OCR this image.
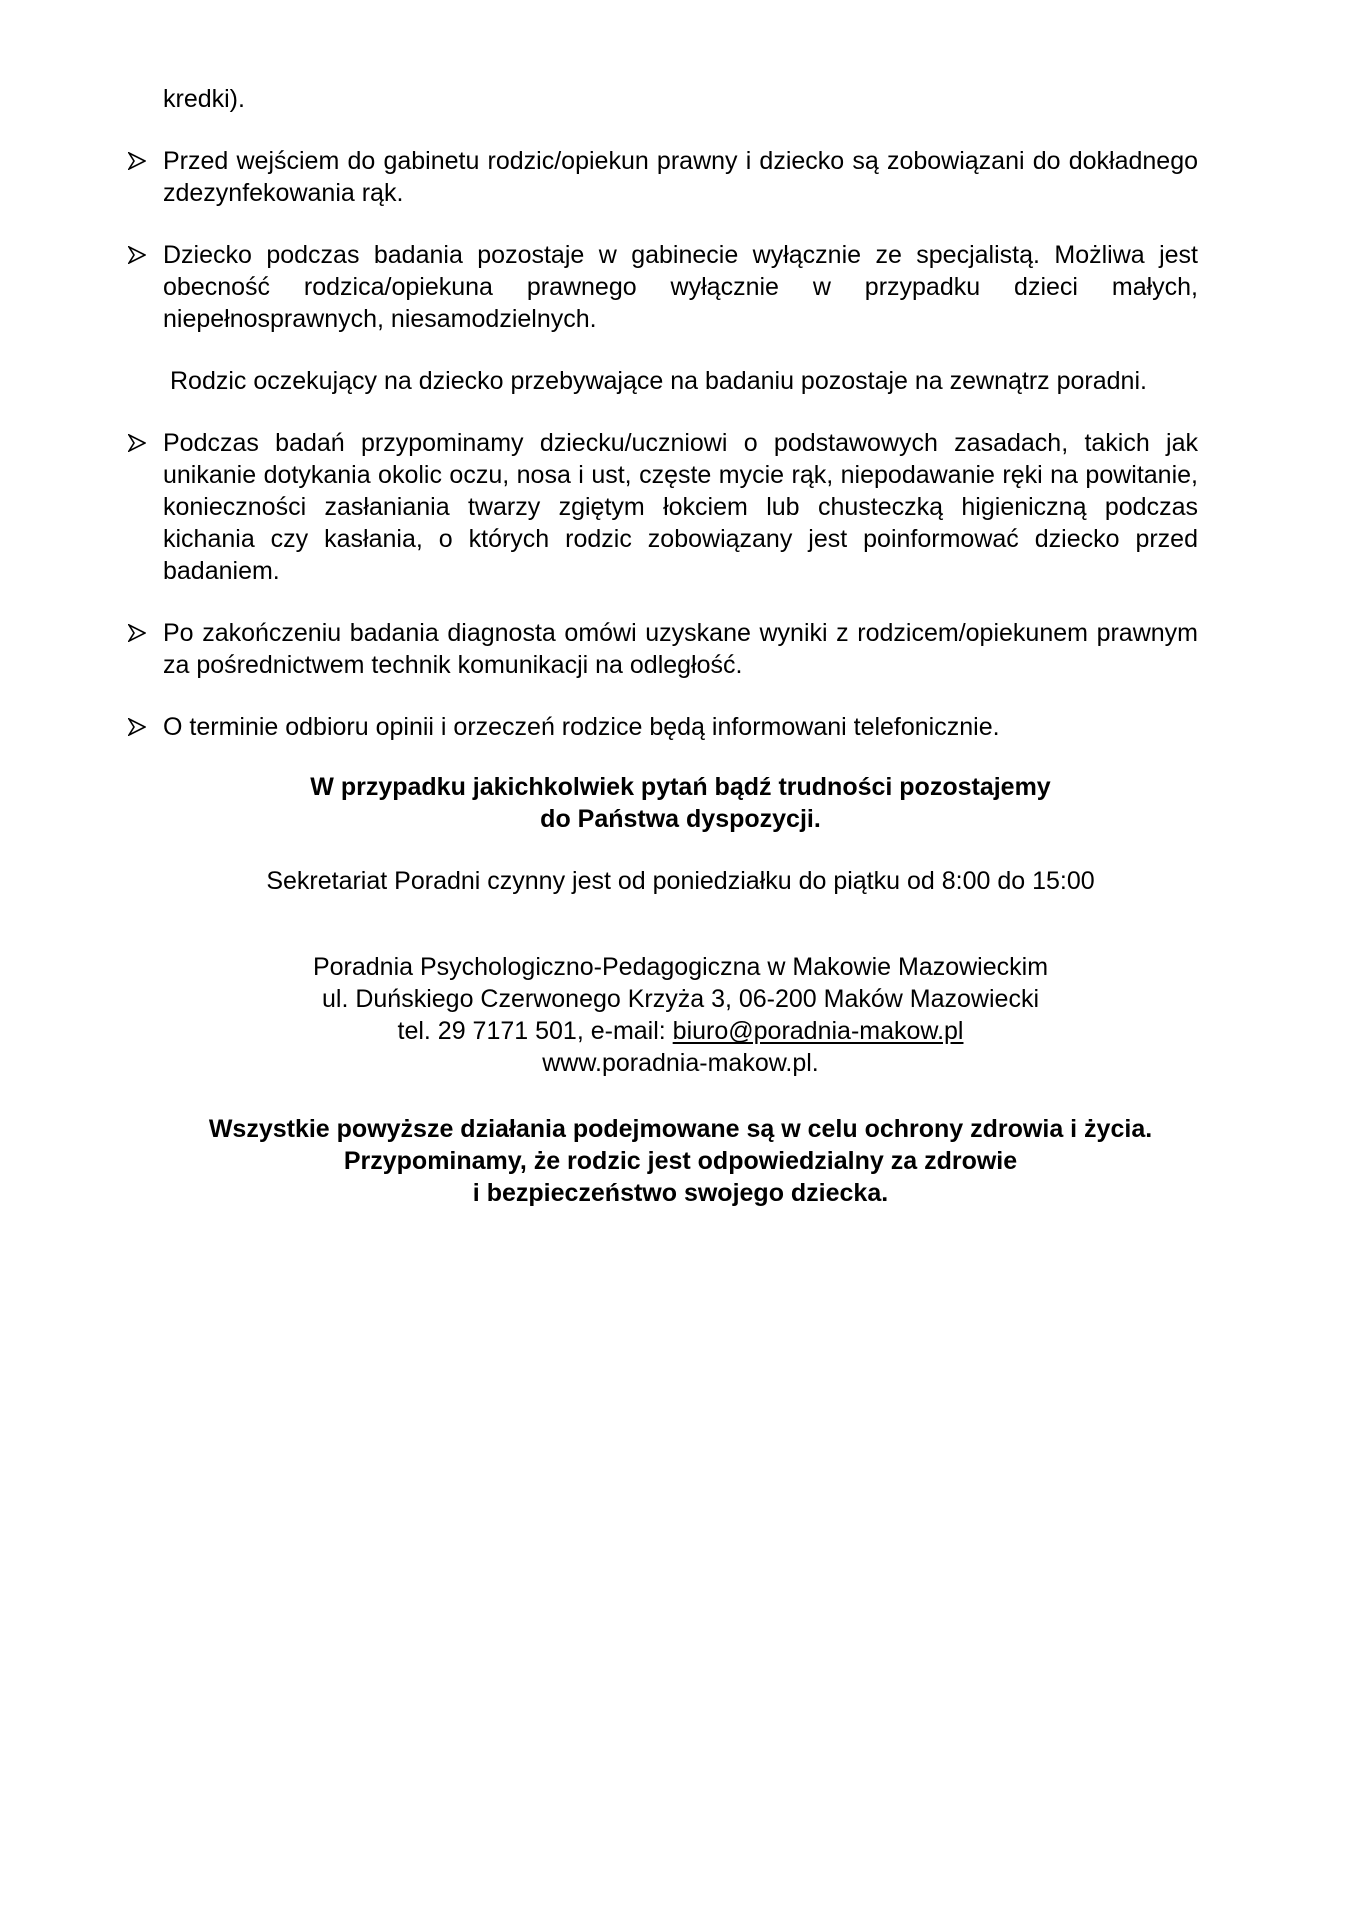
kredki).

Przed wejściem do gabinetu rodzic/opiekun prawny i dziecko są zobowiązani do dokładnego zdezynfekowania rąk.

Dziecko podczas badania pozostaje w gabinecie wyłącznie ze specjalistą. Możliwa jest obecność rodzica/opiekuna prawnego wyłącznie w przypadku dzieci małych, niepełnosprawnych, niesamodzielnych.

Rodzic oczekujący na dziecko przebywające na badaniu pozostaje na zewnątrz poradni.

Podczas badań przypominamy dziecku/uczniowi o podstawowych zasadach, takich jak unikanie dotykania okolic oczu, nosa i ust, częste mycie rąk, niepodawanie ręki na powitanie, konieczności zasłaniania twarzy zgiętym łokciem lub chusteczką higieniczną podczas kichania czy kasłania, o których rodzic zobowiązany jest poinformować dziecko przed badaniem.

Po zakończeniu badania diagnosta omówi uzyskane wyniki z rodzicem/opiekunem prawnym za pośrednictwem technik komunikacji na odległość.

O terminie odbioru opinii i orzeczeń rodzice będą informowani telefonicznie.

W przypadku jakichkolwiek pytań bądź trudności pozostajemy

do Państwa dyspozycji.

Sekretariat Poradni czynny jest od poniedziałku do piątku od 8:00 do 15:00

Poradnia Psychologiczno-Pedagogiczna w Makowie Mazowieckim

ul. Duńskiego Czerwonego Krzyża 3, 06-200 Maków Mazowiecki

tel. 29 7171 501, e-mail: biuro@poradnia-makow.pl

www.poradnia-makow.pl.

Wszystkie powyższe działania podejmowane są w celu ochrony zdrowia i życia.

Przypominamy, że rodzic jest odpowiedzialny za zdrowie

i bezpieczeństwo swojego dziecka.
